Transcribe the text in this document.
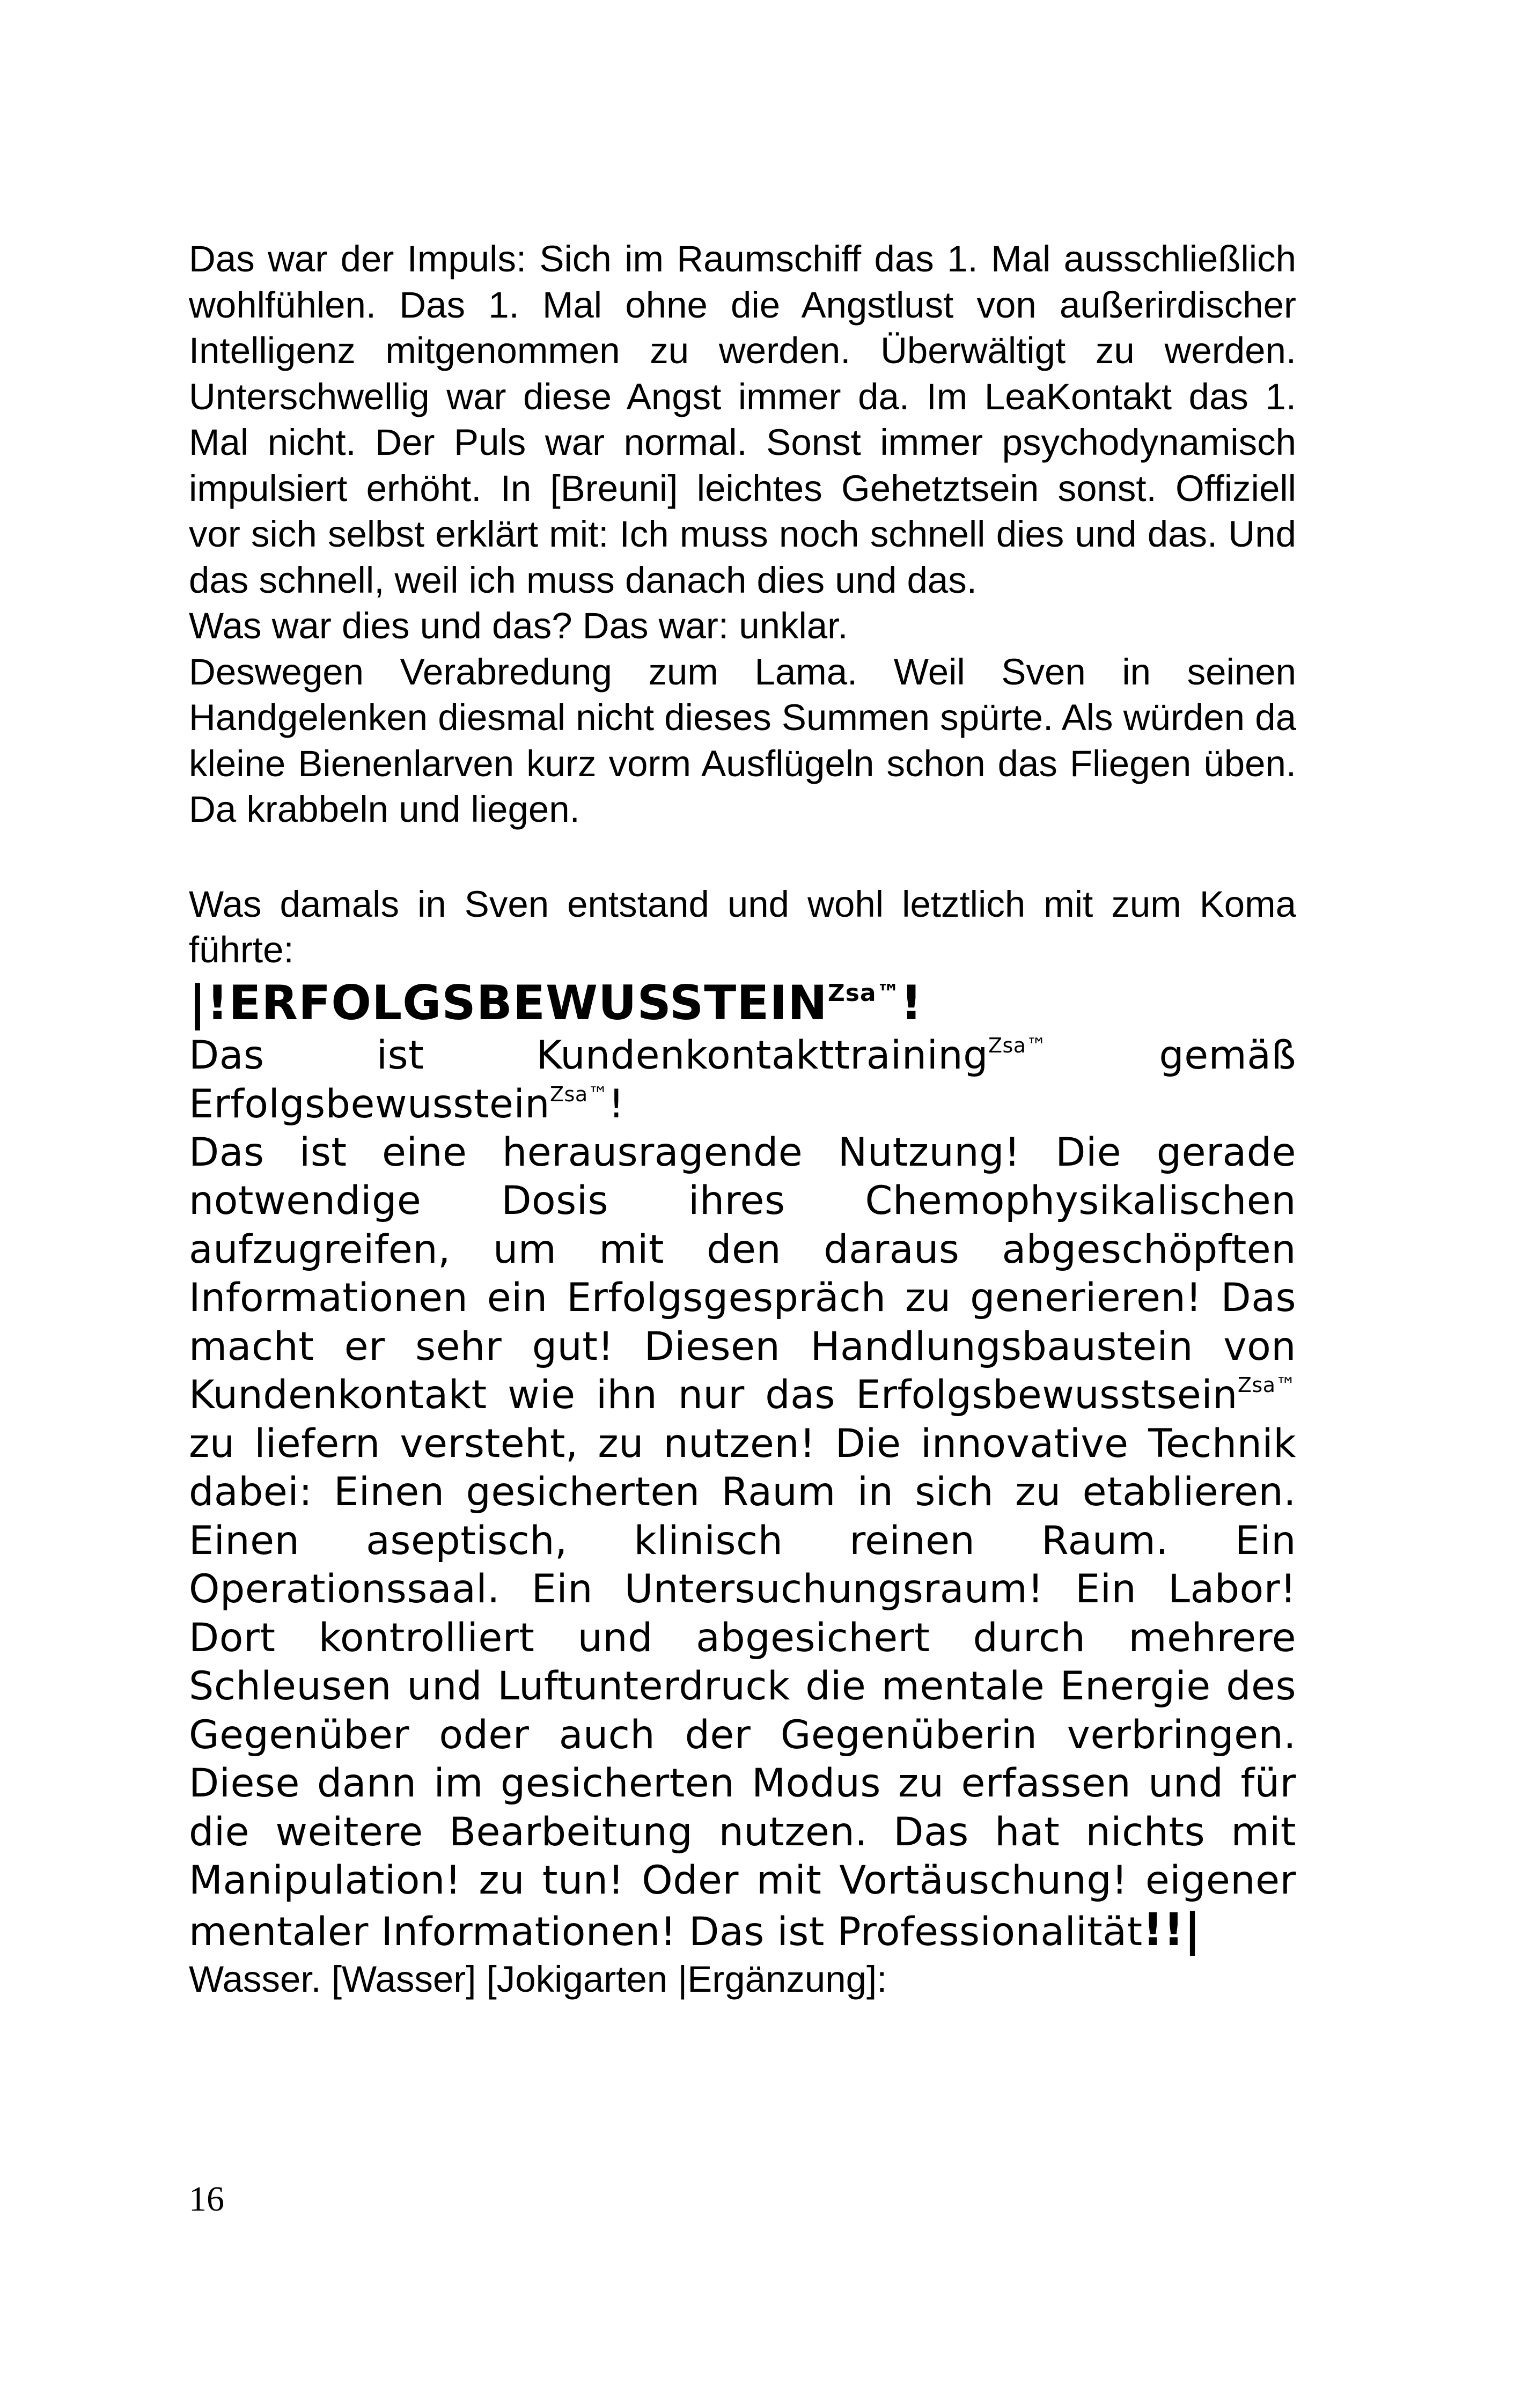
Das war der Impuls: Sich im Raumschiff das 1. Mal ausschließlich wohlfühlen. Das 1. Mal ohne die Angstlust von außerirdischer Intelligenz mitgenommen zu werden. Überwältigt zu werden. Unterschwellig war diese Angst immer da. Im LeaKontakt das 1. Mal nicht. Der Puls war normal. Sonst immer psychodynamisch impulsiert erhöht. In [Breuni] leichtes Gehetztsein sonst. Offiziell vor sich selbst erklärt mit: Ich muss noch schnell dies und das. Und das schnell, weil ich muss danach dies und das.

Was war dies und das? Das war: unklar.

Deswegen Verabredung zum Lama. Weil Sven in seinen Handgelenken diesmal nicht dieses Summen spürte. Als würden da kleine Bienenlarven kurz vorm Ausflügeln schon das Fliegen üben. Da krabbeln und liegen.

Was damals in Sven entstand und wohl letztlich mit zum Koma führte:

$|!ERFOLGSBEWUSSTEIN^{Zsa™}$!

Das ist Kundenkontakttraining$^{Zsa™}$	gemäß

Erfolgsbewusstein$^{Zsa™}$!

Das ist eine herausragende Nutzung! Die gerade notwendige Dosis ihres Chemophysikalischen aufzugreifen, um mit den daraus abgeschöpften Informationen ein Erfolgsgespräch zu generieren! Das macht er sehr gut! Diesen Handlungsbaustein von Kundenkontakt wie ihn nur das Erfolgsbewusstsein$^{Zsa™}$ zu liefern versteht, zu nutzen! Die innovative Technik dabei: Einen gesicherten Raum in sich zu etablieren. Einen aseptisch, klinisch reinen Raum. Ein Operationssaal. Ein Untersuchungsraum! Ein Labor! Dort kontrolliert und abgesichert durch mehrere Schleusen und Luftunterdruck die mentale Energie des Gegenüber oder auch der Gegenüberin verbringen. Diese dann im gesicherten Modus zu erfassen und für die weitere Bearbeitung nutzen. Das hat nichts mit Manipulation! zu tun! Oder mit Vortäuschung! eigener mentaler Informationen! Das ist Professionalität!!|

Wasser. [Wasser] [Jokigarten |Ergänzung]:

16
